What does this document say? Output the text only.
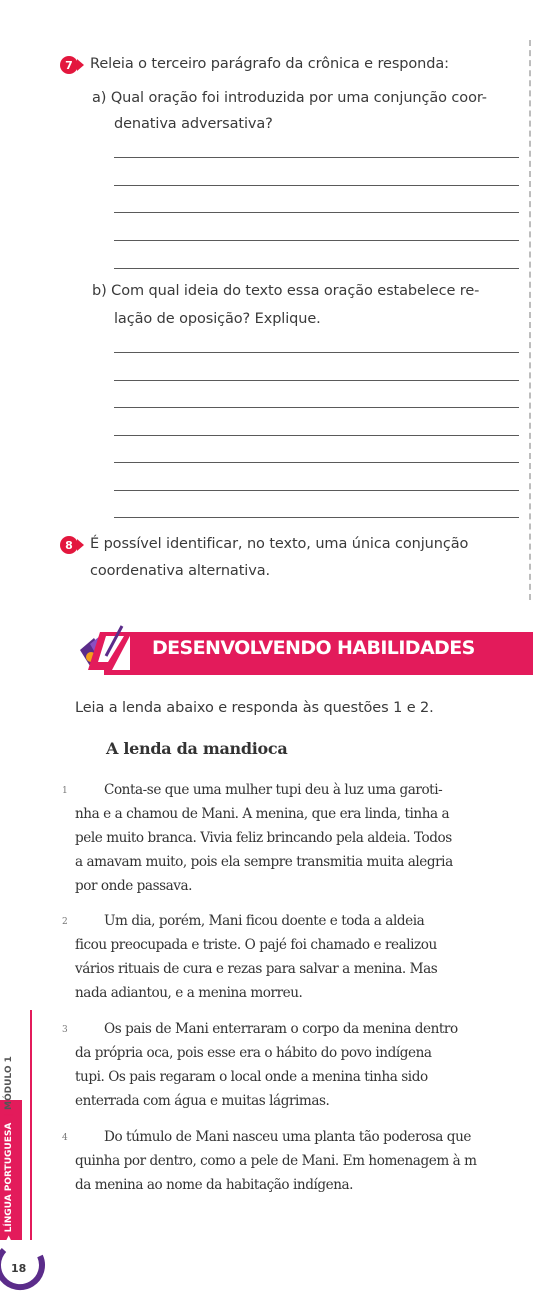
7 Releia o terceiro parágrafo da crônica e responda:
a) Qual oração foi introduzida por uma conjunção coor-
denativa adversativa?
b) Com qual ideia do texto essa oração estabelece re-
lação de oposição? Explique.
8 É possível identificar, no texto, uma única conjunção
coordenativa alternativa.
DESENVOLVENDO HABILIDADES
Leia a lenda abaixo e responda às questões 1 e 2.
A lenda da mandioca
1	Conta-se que uma mulher tupi deu à luz uma garoti-
nha e a chamou de Mani. A menina, que era linda, tinha a
pele muito branca. Vivia feliz brincando pela aldeia. Todos
a amavam muito, pois ela sempre transmitia muita alegria
por onde passava.
2	Um dia, porém, Mani ficou doente e toda a aldeia
ficou preocupada e triste. O pajé foi chamado e realizou
vários rituais de cura e rezas para salvar a menina. Mas
nada adiantou, e a menina morreu.
3	Os pais de Mani enterraram o corpo da menina dentro
da própria oca, pois esse era o hábito do povo indígena
tupi. Os pais regaram o local onde a menina tinha sido
enterrada com água e muitas lágrimas.
4	Do túmulo de Mani nasceu uma planta tão poderosa que
quinha por dentro, como a pele de Mani. Em homenagem à m
da menina ao nome da habitação indígena.
▸ LÍNGUA PORTUGUESA  | MÓDULO 1
18
